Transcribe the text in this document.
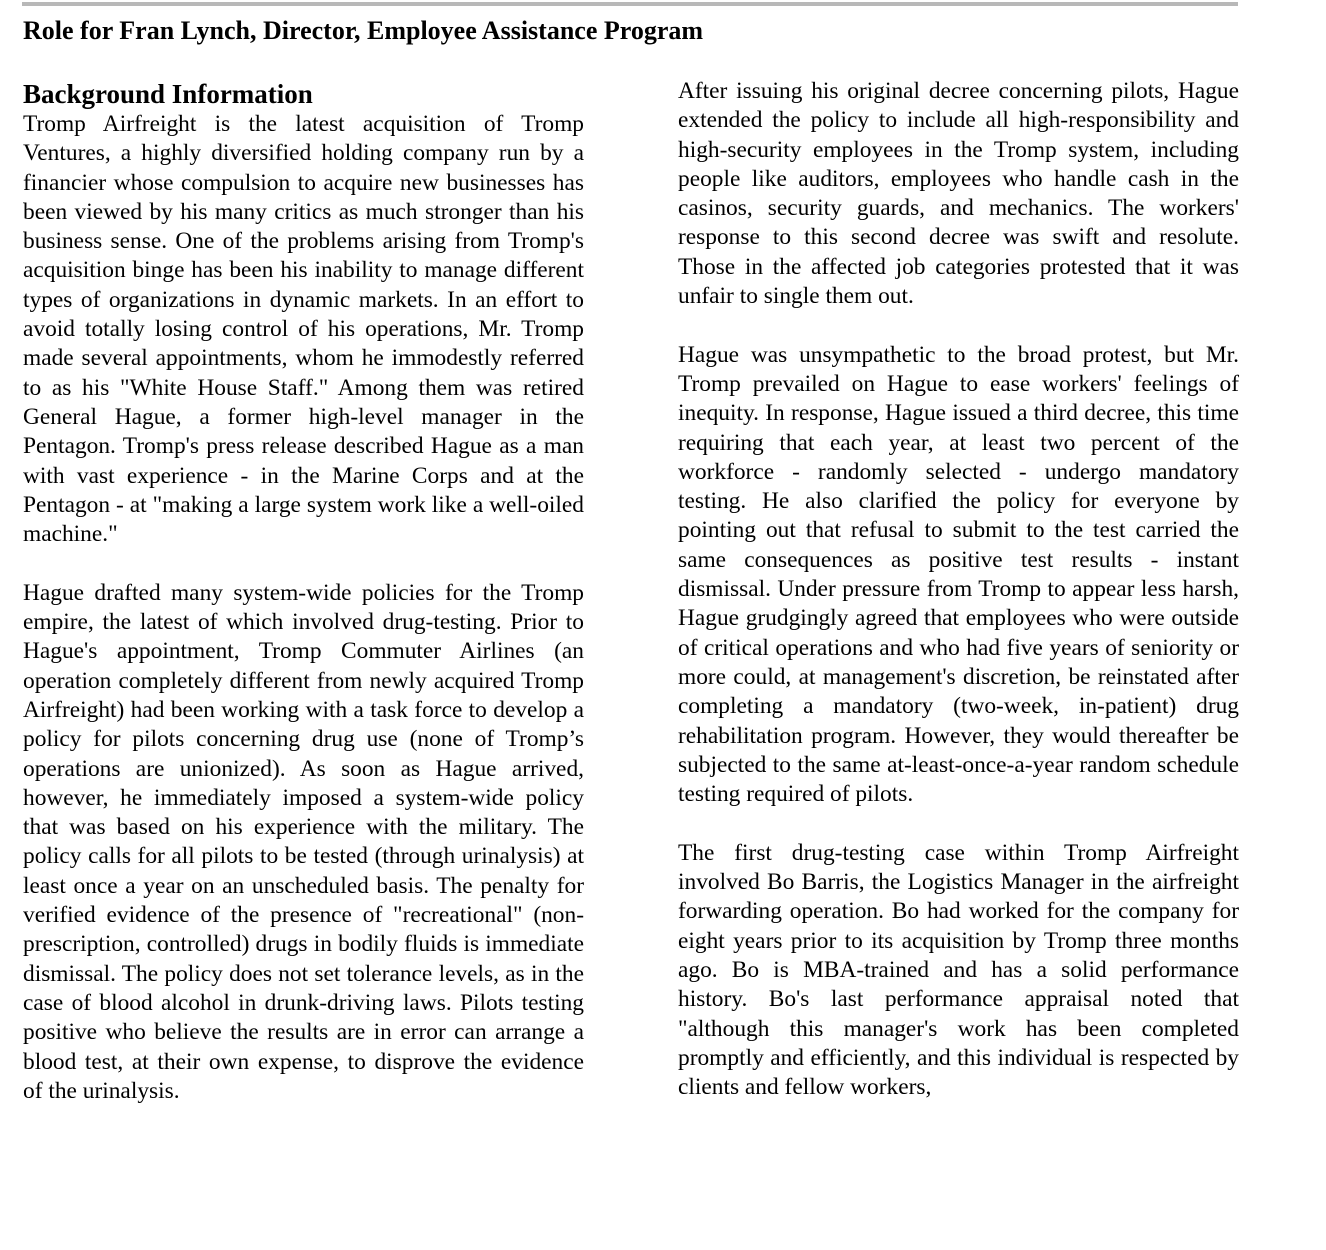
Role for Fran Lynch, Director, Employee Assistance Program
Background Information

Tromp Airfreight is the latest acquisition of Tromp Ventures, a highly diversified holding company run by a financier whose compulsion to acquire new businesses has been viewed by his many critics as much stronger than his business sense. One of the problems arising from Tromp's acquisition binge has been his inability to manage different types of organizations in dynamic markets. In an effort to avoid totally losing control of his operations, Mr. Tromp made several appointments, whom he immodestly referred to as his "White House Staff." Among them was retired General Hague, a former high-level manager in the Pentagon. Tromp's press release described Hague as a man with vast experience - in the Marine Corps and at the Pentagon - at "making a large system work like a well-oiled machine."

Hague drafted many system-wide policies for the Tromp empire, the latest of which involved drug-testing. Prior to Hague's appointment, Tromp Commuter Airlines (an operation completely different from newly acquired Tromp Airfreight) had been working with a task force to develop a policy for pilots concerning drug use (none of Tromp’s operations are unionized). As soon as Hague arrived, however, he immediately imposed a system-wide policy that was based on his experience with the military. The policy calls for all pilots to be tested (through urinalysis) at least once a year on an unscheduled basis. The penalty for verified evidence of the presence of "recreational" (non-prescription, controlled) drugs in bodily fluids is immediate dismissal. The policy does not set tolerance levels, as in the case of blood alcohol in drunk-driving laws. Pilots testing positive who believe the results are in error can arrange a blood test, at their own expense, to disprove the evidence of the urinalysis.

After issuing his original decree concerning pilots, Hague extended the policy to include all high-responsibility and high-security employees in the Tromp system, including people like auditors, employees who handle cash in the casinos, security guards, and mechanics. The workers' response to this second decree was swift and resolute. Those in the affected job categories protested that it was unfair to single them out.

Hague was unsympathetic to the broad protest, but Mr. Tromp prevailed on Hague to ease workers' feelings of inequity. In response, Hague issued a third decree, this time requiring that each year, at least two percent of the workforce - randomly selected - undergo mandatory testing. He also clarified the policy for everyone by pointing out that refusal to submit to the test carried the same consequences as positive test results - instant dismissal. Under pressure from Tromp to appear less harsh, Hague grudgingly agreed that employees who were outside of critical operations and who had five years of seniority or more could, at management's discretion, be reinstated after completing a mandatory (two-week, in-patient) drug rehabilitation program. However, they would thereafter be subjected to the same at-least-once-a-year random schedule testing required of pilots.

The first drug-testing case within Tromp Airfreight involved Bo Barris, the Logistics Manager in the airfreight forwarding operation. Bo had worked for the company for eight years prior to its acquisition by Tromp three months ago. Bo is MBA-trained and has a solid performance history. Bo's last performance appraisal noted that "although this manager's work has been completed promptly and efficiently, and this individual is respected by clients and fellow workers,
